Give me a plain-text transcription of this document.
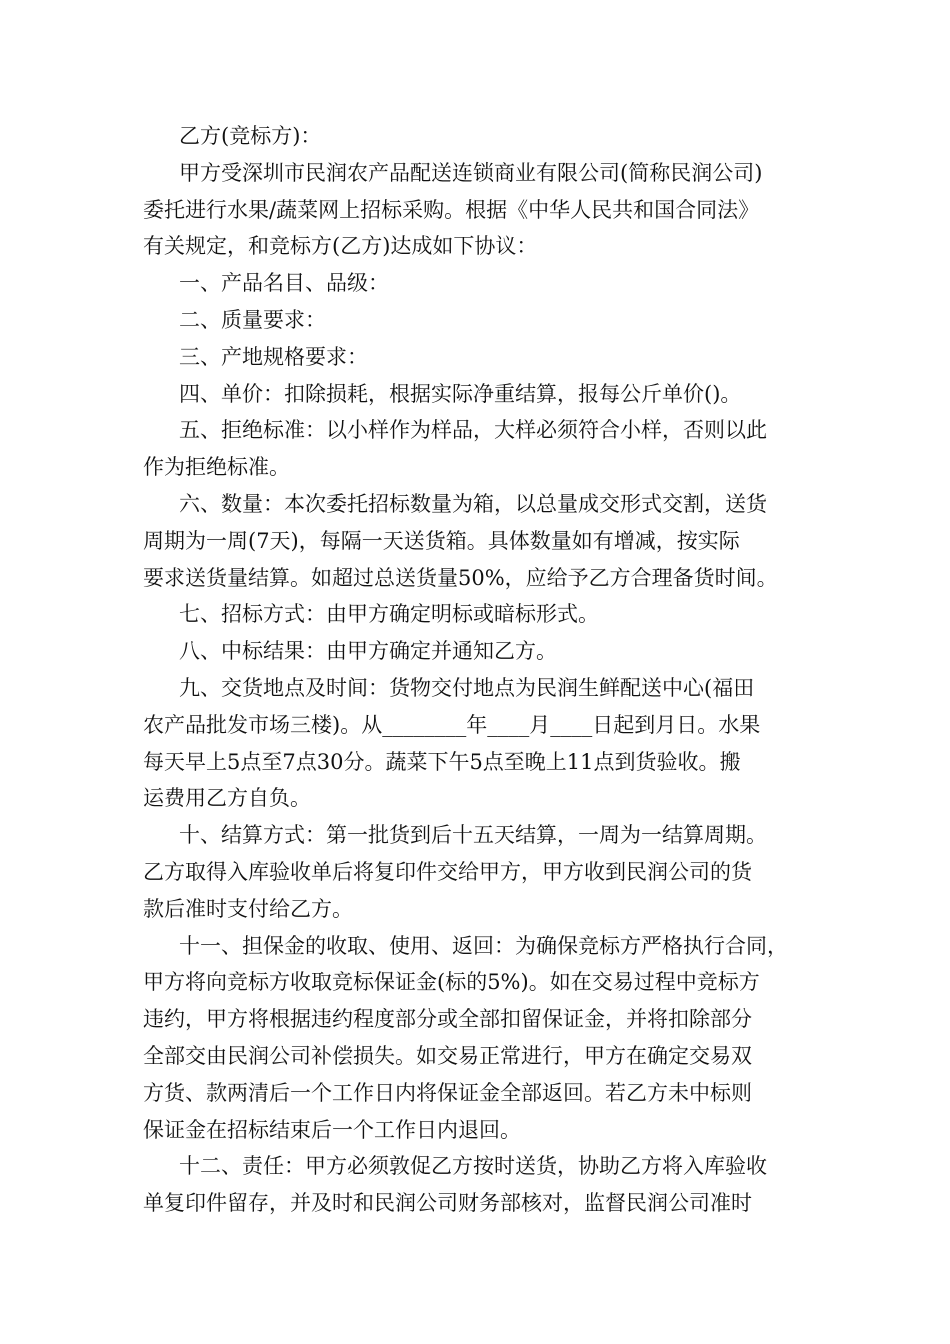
乙方(竞标方)：
甲方受深圳市民润农产品配送连锁商业有限公司(简称民润公司)
委托进行水果/蔬菜网上招标采购。根据《中华人民共和国合同法》
有关规定，和竞标方(乙方)达成如下协议：
一、产品名目、品级：
二、质量要求：
三、产地规格要求：
四、单价：扣除损耗，根据实际净重结算，报每公斤单价()。
五、拒绝标准：以小样作为样品，大样必须符合小样，否则以此
作为拒绝标准。
六、数量：本次委托招标数量为箱，以总量成交形式交割，送货
周期为一周(7天)，每隔一天送货箱。具体数量如有增减，按实际
要求送货量结算。如超过总送货量50%，应给予乙方合理备货时间。
七、招标方式：由甲方确定明标或暗标形式。
八、中标结果：由甲方确定并通知乙方。
九、交货地点及时间：货物交付地点为民润生鲜配送中心(福田
农产品批发市场三楼)。从________年____月____日起到月日。水果
每天早上5点至7点30分。蔬菜下午5点至晚上11点到货验收。搬
运费用乙方自负。
十、结算方式：第一批货到后十五天结算，一周为一结算周期。
乙方取得入库验收单后将复印件交给甲方，甲方收到民润公司的货
款后准时支付给乙方。
十一、担保金的收取、使用、返回：为确保竞标方严格执行合同，
甲方将向竞标方收取竞标保证金(标的5%)。如在交易过程中竞标方
违约，甲方将根据违约程度部分或全部扣留保证金，并将扣除部分
全部交由民润公司补偿损失。如交易正常进行，甲方在确定交易双
方货、款两清后一个工作日内将保证金全部返回。若乙方未中标则
保证金在招标结束后一个工作日内退回。
十二、责任：甲方必须敦促乙方按时送货，协助乙方将入库验收
单复印件留存，并及时和民润公司财务部核对，监督民润公司准时
